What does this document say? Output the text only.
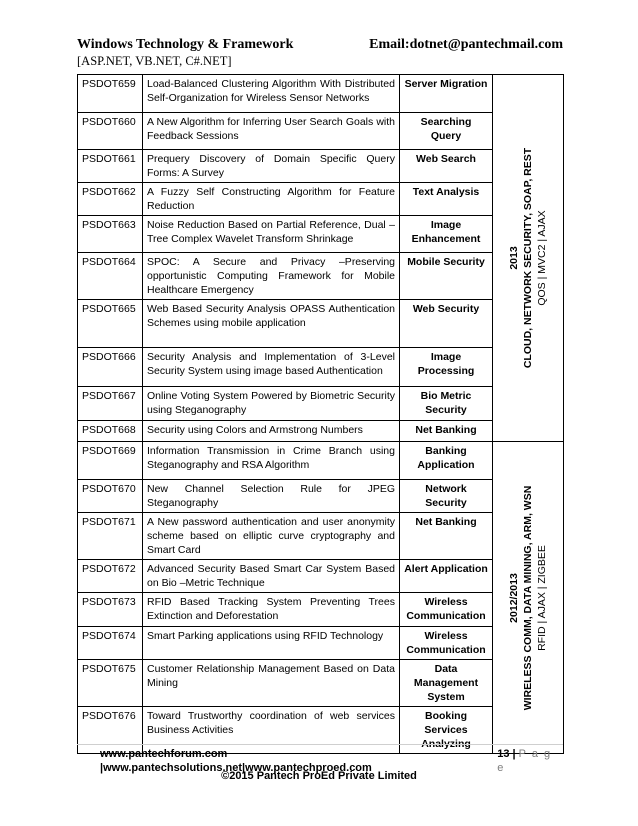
Windows Technology & Framework	Email:dotnet@pantechmail.com
[ASP.NET, VB.NET, C#.NET]
PSDOT659	Load-Balanced Clustering Algorithm With Distributed Self-Organization for Wireless Sensor Networks	Server Migration	2013 CLOUD, NETWORK SECURITY, SOAP, REST QOS | MVC2 | AJAX

PSDOT660	A New Algorithm for Inferring User Search Goals with Feedback Sessions	Searching Query	
PSDOT661	Prequery Discovery of Domain Specific Query Forms: A Survey	Web Search	
PSDOT662	A Fuzzy Self Constructing Algorithm for Feature Reduction	Text Analysis	
PSDOT663	Noise Reduction Based on Partial Reference, Dual – Tree Complex Wavelet Transform Shrinkage	Image Enhancement	
PSDOT664	SPOC: A Secure and Privacy –Preserving opportunistic Computing Framework for Mobile Healthcare Emergency	Mobile Security	
PSDOT665	Web Based Security Analysis OPASS Authentication Schemes using mobile application	Web Security	
PSDOT666	Security Analysis and Implementation of 3-Level Security System using image based Authentication	Image Processing	
PSDOT667	Online Voting System Powered by Biometric Security using Steganography	Bio Metric Security	
PSDOT668	Security using Colors and Armstrong Numbers	Net Banking	
PSDOT669	Information Transmission in Crime Branch using Steganography and RSA Algorithm	Banking Application	2012/2013 WIRELESS COMM, DATA MINING, ARM, WSN RFID | AJAX | ZIGBEE

PSDOT670	New Channel Selection Rule for JPEG Steganography	Network Security	
PSDOT671	A New password authentication and user anonymity scheme based on elliptic curve cryptography and Smart Card	Net Banking	
PSDOT672	Advanced Security Based Smart Car System Based on Bio –Metric Technique	Alert Application	
PSDOT673	RFID Based Tracking System Preventing Trees Extinction and Deforestation	Wireless Communication	
PSDOT674	Smart Parking applications using RFID Technology	Wireless Communication	
PSDOT675	Customer Relationship Management Based on Data Mining	Data Management System	
PSDOT676	Toward Trustworthy coordination of web services Business Activities	Booking Services Analyzing	
www.pantechforum.com |www.pantechsolutions.net|www.pantechproed.com
13 | P a g e
©2015 Pantech ProEd Private Limited
